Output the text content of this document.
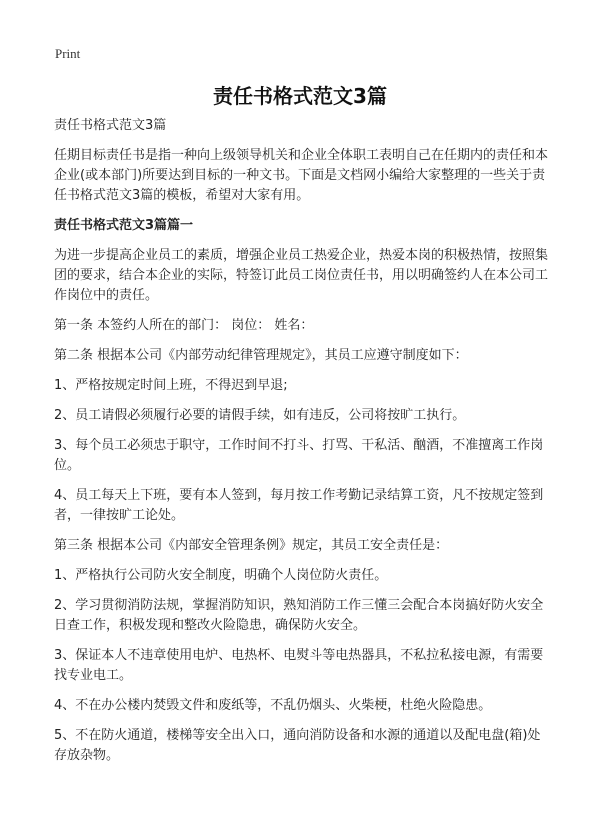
Print
责任书格式范文3篇

责任书格式范文3篇

任期目标责任书是指一种向上级领导机关和企业全体职工表明自己在任期内的责任和本企业(或本部门)所要达到目标的一种文书。下面是文档网小编给大家整理的一些关于责任书格式范文3篇的模板，希望对大家有用。

责任书格式范文3篇篇一

为进一步提高企业员工的素质，增强企业员工热爱企业，热爱本岗的积极热情，按照集团的要求，结合本企业的实际，特签订此员工岗位责任书，用以明确签约人在本公司工作岗位中的责任。

第一条 本签约人所在的部门： 岗位： 姓名：

第二条 根据本公司《内部劳动纪律管理规定》，其员工应遵守制度如下：

1、严格按规定时间上班，不得迟到早退;

2、员工请假必须履行必要的请假手续，如有违反，公司将按旷工执行。

3、每个员工必须忠于职守，工作时间不打斗、打骂、干私活、酗酒，不准擅离工作岗位。

4、员工每天上下班，要有本人签到，每月按工作考勤记录结算工资，凡不按规定签到者，一律按旷工论处。

第三条 根据本公司《内部安全管理条例》规定，其员工安全责任是：

1、严格执行公司防火安全制度，明确个人岗位防火责任。

2、学习贯彻消防法规，掌握消防知识，熟知消防工作三懂三会配合本岗搞好防火安全日查工作，积极发现和整改火险隐患，确保防火安全。

3、保证本人不违章使用电炉、电热杯、电熨斗等电热器具，不私拉私接电源，有需要找专业电工。

4、不在办公楼内焚毁文件和废纸等，不乱仍烟头、火柴梗，杜绝火险隐患。

5、不在防火通道，楼梯等安全出入口，通向消防设备和水源的通道以及配电盘(箱)处存放杂物。
